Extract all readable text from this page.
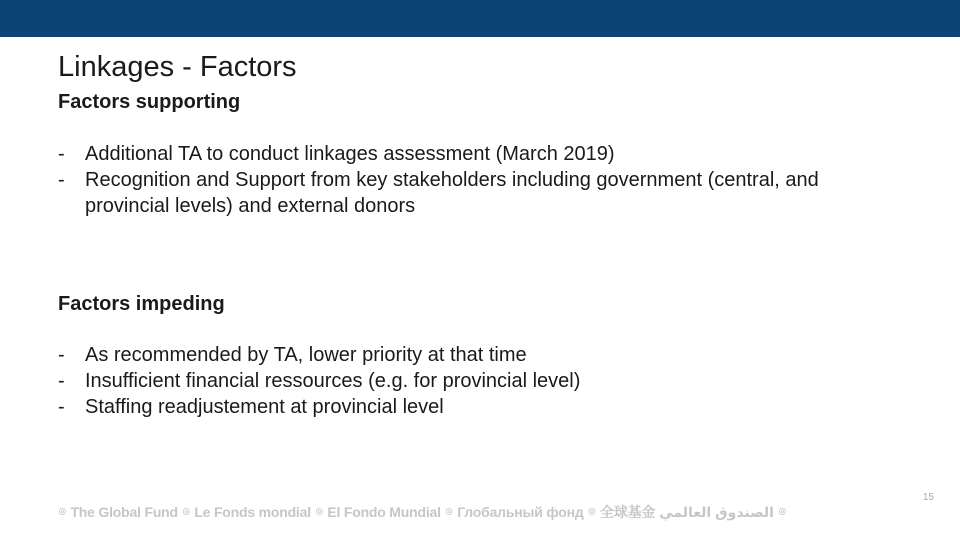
Linkages - Factors
Factors supporting
- Additional TA to conduct linkages assessment (March 2019)
- Recognition and Support from key stakeholders including government (central, and provincial levels) and external donors
Factors impeding
- As recommended by TA, lower priority at that time
- Insufficient financial ressources (e.g. for provincial level)
- Staffing readjustement at provincial level
ၜ The Global Fund ၜ Le Fonds mondial ၜ El Fondo Mundial ၜ Глобальный фонд ၜ 全球基金 الصندوق العالمي ၜ
15
